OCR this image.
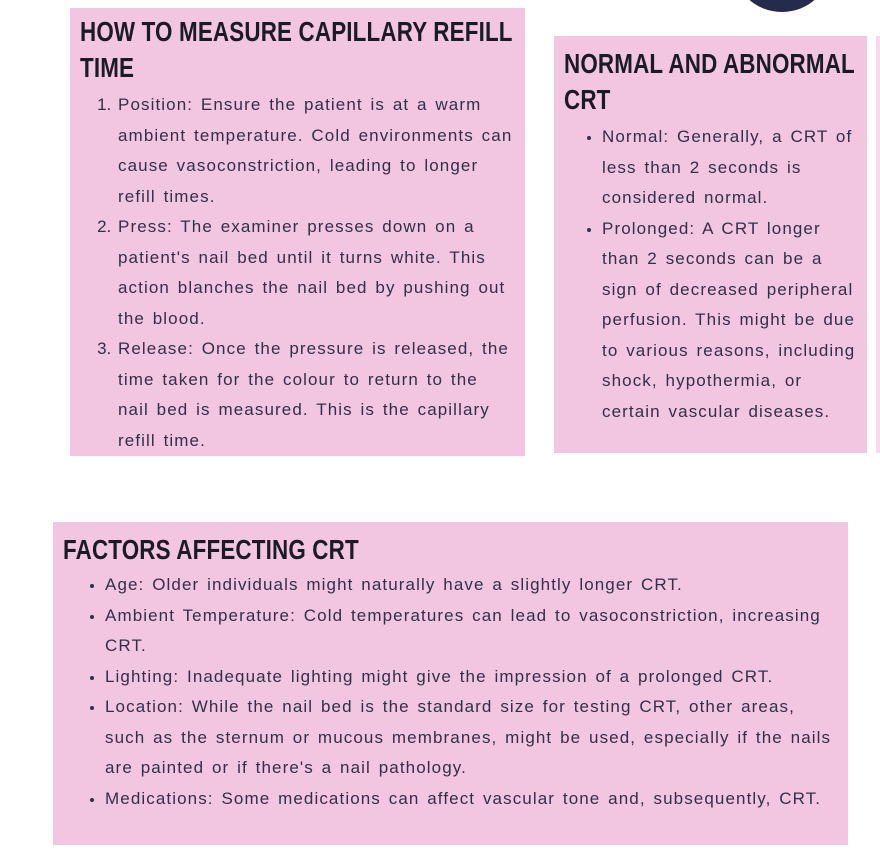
HOW TO MEASURE CAPILLARY REFILL
TIME
1. Position: Ensure the patient is at a warm ambient temperature. Cold environments can cause vasoconstriction, leading to longer refill times.
2. Press: The examiner presses down on a patient's nail bed until it turns white. This action blanches the nail bed by pushing out the blood.
3. Release: Once the pressure is released, the time taken for the colour to return to the nail bed is measured. This is the capillary refill time.
NORMAL AND ABNORMAL
CRT
• Normal: Generally, a CRT of less than 2 seconds is considered normal.
• Prolonged: A CRT longer than 2 seconds can be a sign of decreased peripheral perfusion. This might be due to various reasons, including shock, hypothermia, or certain vascular diseases.
FACTORS AFFECTING CRT
• Age: Older individuals might naturally have a slightly longer CRT.
• Ambient Temperature: Cold temperatures can lead to vasoconstriction, increasing CRT.
• Lighting: Inadequate lighting might give the impression of a prolonged CRT.
• Location: While the nail bed is the standard size for testing CRT, other areas, such as the sternum or mucous membranes, might be used, especially if the nails are painted or if there's a nail pathology.
• Medications: Some medications can affect vascular tone and, subsequently, CRT.
